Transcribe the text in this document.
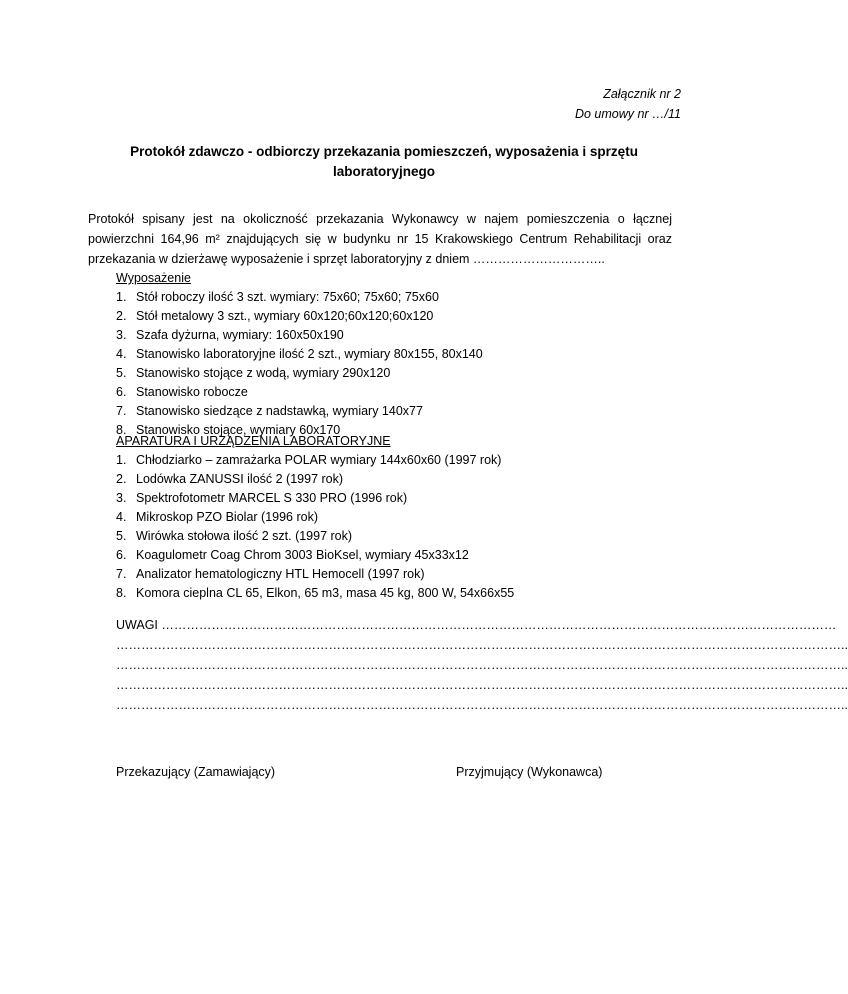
Załącznik nr 2
Do umowy nr …/11
Protokół zdawczo - odbiorczy przekazania pomieszczeń, wyposażenia i sprzętu laboratoryjnego
Protokół spisany jest na okoliczność przekazania Wykonawcy w najem pomieszczenia o łącznej powierzchni 164,96 m² znajdujących się w budynku nr 15 Krakowskiego Centrum Rehabilitacji oraz przekazania w dzierżawę wyposażenie i sprzęt laboratoryjny z dniem …………………………..
Wyposażenie
1. Stół roboczy ilość 3 szt. wymiary: 75x60; 75x60; 75x60
2. Stół metalowy 3 szt., wymiary 60x120;60x120;60x120
3. Szafa dyżurna, wymiary: 160x50x190
4. Stanowisko laboratoryjne ilość 2 szt., wymiary 80x155, 80x140
5. Stanowisko stojące z wodą, wymiary 290x120
6. Stanowisko robocze
7. Stanowisko siedzące z nadstawką, wymiary 140x77
8. Stanowisko stojące, wymiary 60x170
APARATURA I URZĄDZENIA LABORATORYJNE
1. Chłodziarko – zamrażarka POLAR wymiary 144x60x60 (1997 rok)
2. Lodówka ZANUSSI ilość 2 (1997 rok)
3. Spektrofotometr MARCEL S 330 PRO (1996 rok)
4. Mikroskop PZO Biolar (1996 rok)
5. Wirówka stołowa ilość 2 szt. (1997 rok)
6. Koagulometr Coag Chrom 3003 BioKsel, wymiary 45x33x12
7. Analizator hematologiczny HTL Hemocell (1997 rok)
8. Komora cieplna CL 65, Elkon, 65 m3, masa 45 kg, 800 W, 54x66x55
UWAGI ………………………………………………………………………………………………………………………………………………
…………………………………………………………………………………………………………………………………………………………..
…………………………………………………………………………………………………………………………………………………………..
…………………………………………………………………………………………………………………………………………………………..
…………………………………………………………………………………………………………………………………………………………..
Przekazujący (Zamawiający)	Przyjmujący (Wykonawca)
